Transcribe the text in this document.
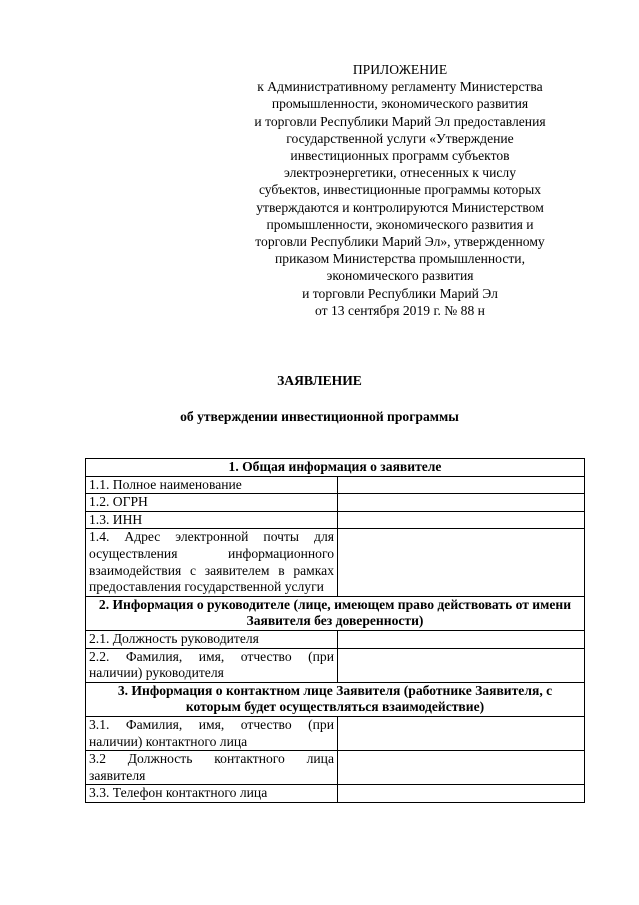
ПРИЛОЖЕНИЕ
к Административному регламенту Министерства
промышленности, экономического развития
и торговли Республики Марий Эл предоставления
государственной услуги «Утверждение
инвестиционных программ субъектов
электроэнергетики, отнесенных к числу
субъектов, инвестиционные программы которых
утверждаются и контролируются Министерством
промышленности, экономического развития и
торговли Республики Марий Эл», утвержденному
приказом Министерства промышленности,
экономического развития
и торговли Республики Марий Эл
от 13 сентября 2019 г. № 88 н
ЗАЯВЛЕНИЕ
об утверждении инвестиционной программы
1. Общая информация о заявителе	
1.1. Полное наименование	
1.2. ОГРН	
1.3. ИНН	
1.4. Адрес электронной почты для осуществления информационного взаимодействия с заявителем в рамках предоставления государственной услуги	
2. Информация о руководителе (лице, имеющем право действовать от имени Заявителя без доверенности)	
2.1. Должность руководителя	
2.2. Фамилия, имя, отчество (при наличии) руководителя	
3. Информация о контактном лице Заявителя (работнике Заявителя, с которым будет осуществляться взаимодействие)	
3.1. Фамилия, имя, отчество (при наличии) контактного лица	
3.2 Должность контактного лица заявителя	
3.3. Телефон контактного лица	
